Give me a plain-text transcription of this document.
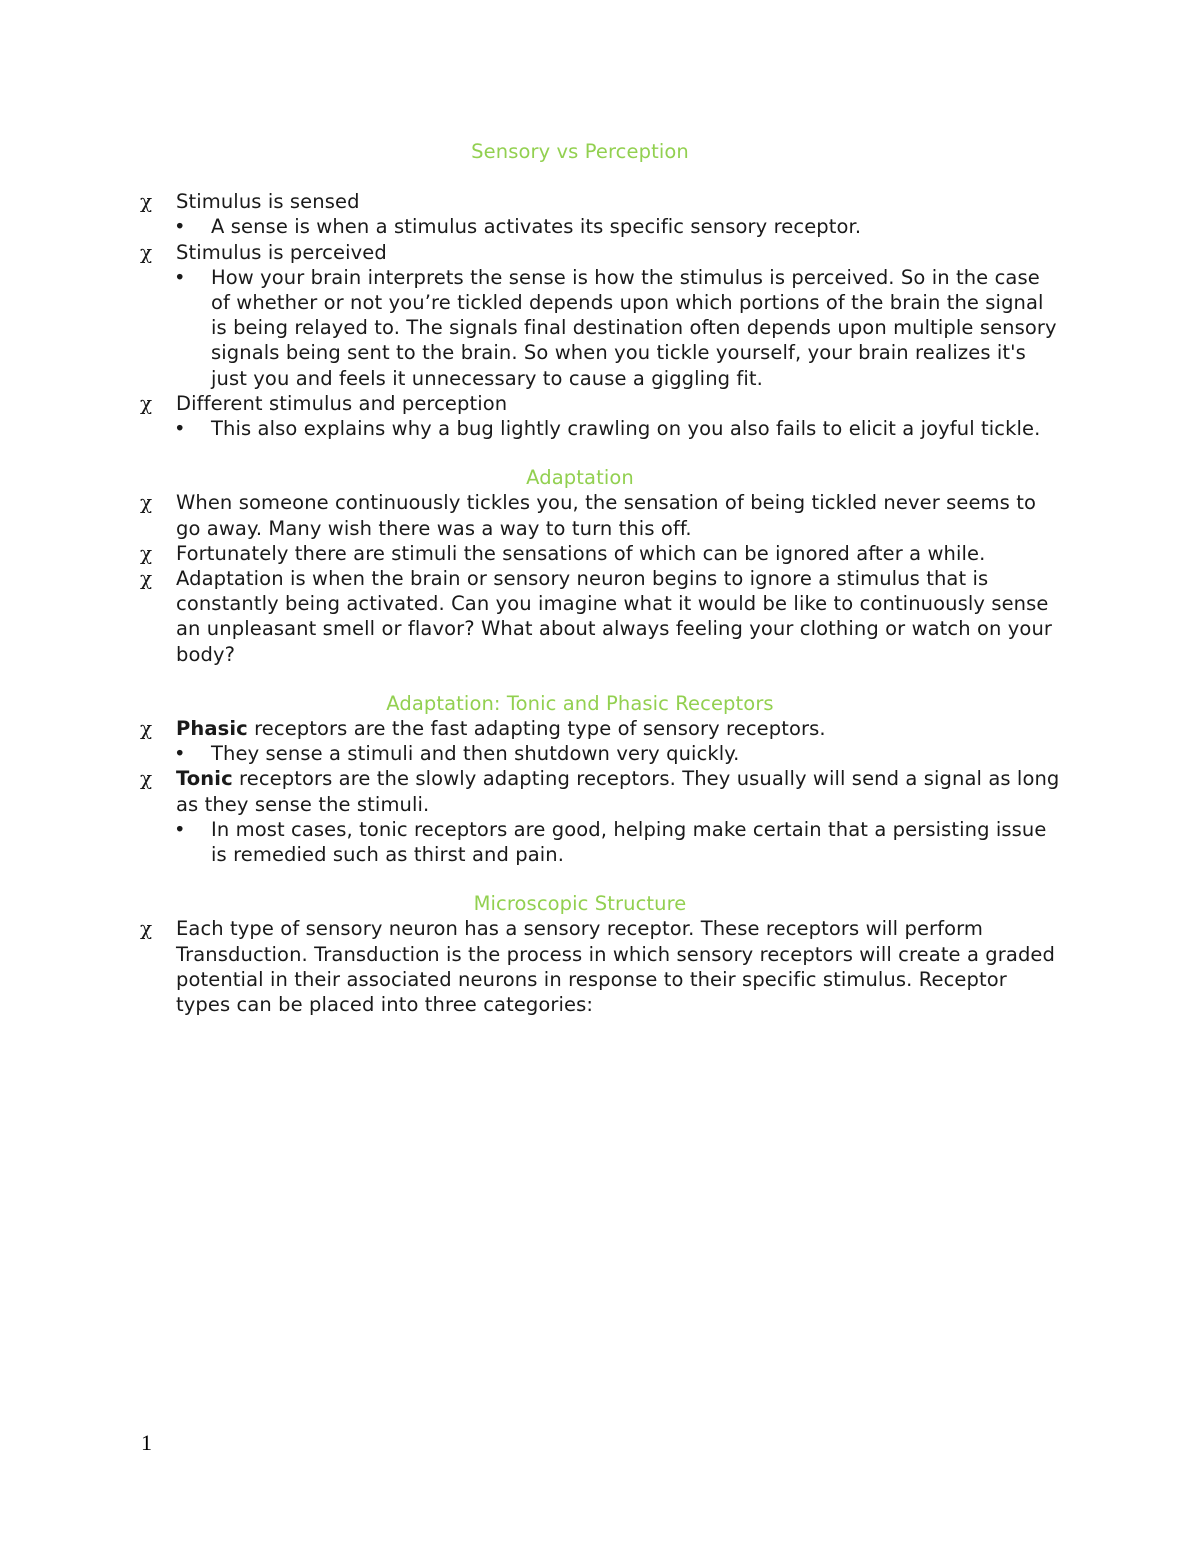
Sensory vs Perception
χ	Stimulus is sensed
•	A sense is when a stimulus activates its specific sensory receptor.
χ	Stimulus is perceived
•	How your brain interprets the sense is how the stimulus is perceived. So in the case of whether or not you’re tickled depends upon which portions of the brain the signal is being relayed to. The signals final destination often depends upon multiple sensory signals being sent to the brain. So when you tickle yourself, your brain realizes it's just you and feels it unnecessary to cause a giggling fit.
χ	Different stimulus and perception
•	This also explains why a bug lightly crawling on you also fails to elicit a joyful tickle.
Adaptation
χ	When someone continuously tickles you, the sensation of being tickled never seems to go away. Many wish there was a way to turn this off.
χ	Fortunately there are stimuli the sensations of which can be ignored after a while.
χ	Adaptation is when the brain or sensory neuron begins to ignore a stimulus that is constantly being activated. Can you imagine what it would be like to continuously sense an unpleasant smell or flavor? What about always feeling your clothing or watch on your body?
Adaptation: Tonic and Phasic Receptors
χ	Phasic receptors are the fast adapting type of sensory receptors.
•	They sense a stimuli and then shutdown very quickly.
χ	Tonic receptors are the slowly adapting receptors. They usually will send a signal as long as they sense the stimuli.
•	In most cases, tonic receptors are good, helping make certain that a persisting issue is remedied such as thirst and pain.
Microscopic Structure
χ	Each type of sensory neuron has a sensory receptor. These receptors will perform Transduction. Transduction is the process in which sensory receptors will create a graded potential in their associated neurons in response to their specific stimulus. Receptor types can be placed into three categories:
1
